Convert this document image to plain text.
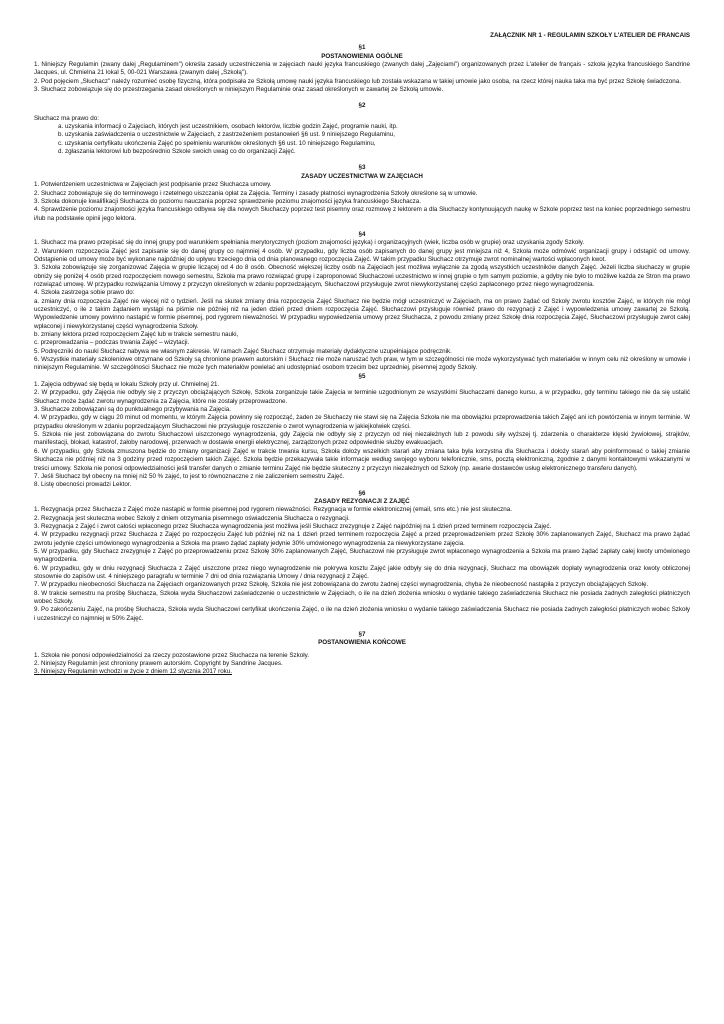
ZAŁĄCZNIK NR 1 - REGULAMIN SZKOŁY L'ATELIER DE FRANCAIS
§1
POSTANOWIENIA OGÓLNE

1. Niniejszy Regulamin (zwany dalej „Regulaminem") określa zasady uczestniczenia w zajęciach nauki języka francuskiego (zwanych dalej „Zajęciami") organizowanych przez L'atelier de français - szkoła języka francuskiego Sandrine Jacques, ul. Chmielna 21 lokal 5, 00-021 Warszawa (zwanym dalej „Szkołą").

2. Pod pojęciem „Słuchacz" należy rozumieć osobę fizyczną, która podpisała ze Szkołą umowę nauki języka francuskiego lub została wskazana w takiej umowie jako osoba, na rzecz której nauka taka ma być przez Szkołę świadczona.

3. Słuchacz zobowiązuje się do przestrzegania zasad określonych w niniejszym Regulaminie oraz zasad określonych w zawartej ze Szkołą umowie.

§2

Słuchacz ma prawo do:

a. uzyskania informacji o Zajęciach, których jest uczestnikiem, osobach lektorów, liczbie godzin Zajęć, programie nauki, itp.
b. uzyskania zaświadczenia o uczestnictwie w Zajęciach, z zastrzeżeniem postanowień §6 ust. 9 niniejszego Regulaminu,
c. uzyskania certyfikatu ukończenia Zajęć po spełnieniu warunków określonych §6 ust. 10 niniejszego Regulaminu,
d. zgłaszania lektorowi lub bezpośrednio Szkole swoich uwag co do organizacji Zajęć.
§3
ZASADY UCZESTNICTWA W ZAJĘCIACH

1. Potwierdzeniem uczestnictwa w Zajęciach jest podpisanie przez Słuchacza umowy.

2. Słuchacz zobowiązuje się do terminowego i rzetelnego uiszczania opłat za Zajęcia. Terminy i zasady płatności wynagrodzenia Szkoły określone są w umowie.

3. Szkoła dokonuje kwalifikacji Słuchacza do poziomu nauczania poprzez sprawdzenie poziomu znajomości języka francuskiego Słuchacza.

4. Sprawdzenie poziomu znajomości języka francuskiego odbywa się dla nowych Słuchaczy poprzez test pisemny oraz rozmowę z lektorem a dla Słuchaczy kontynuujących naukę w Szkole poprzez test na koniec poprzedniego semestru i/lub na podstawie opinii jego lektora.

§4

1. Słuchacz ma prawo przepisać się do innej grupy pod warunkiem spełniania merytorycznych (poziom znajomości języka) i organizacyjnych (wiek, liczba osób w grupie) oraz uzyskania zgody Szkoły.

2. Warunkiem rozpoczęcia Zajęć jest zapisanie się do danej grupy co najmniej 4 osób. W przypadku, gdy liczba osób zapisanych do danej grupy jest mniejsza niż 4, Szkoła może odmówić organizacji grupy i odstąpić od umowy. Odstąpienie od umowy może być wykonane najpóźniej do upływu trzeciego dnia od dnia planowanego rozpoczęcia Zajęć. W takim przypadku Słuchacz otrzymuje zwrot nominalnej wartości wpłaconych kwot.

3. Szkoła zobowiązuje się zorganizować Zajęcia w grupie liczącej od 4 do 8 osób. Obecność większej liczby osób na Zajęciach jest możliwa wyłącznie za zgodą wszystkich uczestników danych Zajęć. Jeżeli liczba słuchaczy w grupie obniży się poniżej 4 osób przed rozpoczęciem nowego semestru, Szkoła ma prawo rozwiązać grupę i zaproponować Słuchaczowi uczestnictwo w innej grupie o tym samym poziomie, a gdyby nie było to możliwe każda ze Stron ma prawo rozwiązać umowę. W przypadku rozwiązania Umowy z przyczyn określonych w zdaniu poprzedzającym, Słuchaczowi przysługuje zwrot niewykorzystanej części zapłaconego przez niego wynagrodzenia.

4. Szkoła zastrzega sobie prawo do:

a. zmiany dnia rozpoczęcia Zajęć nie więcej niż o tydzień. Jeśli na skutek zmiany dnia rozpoczęcia Zajęć Słuchacz nie będzie mógł uczestniczyć w Zajęciach, ma on prawo żądać od Szkoły zwrotu kosztów Zajęć, w których nie mógł uczestniczyć, o ile z takim żądaniem wystąpi na piśmie nie później niż na jeden dzień przed dniem rozpoczęcia Zajęć. Słuchaczowi przysługuje również prawo do rezygnacji z Zajęć i wypowiedzenia umowy zawartej ze Szkołą. Wypowiedzenie umowy powinno nastąpić w formie pisemnej, pod rygorem nieważności. W przypadku wypowiedzenia umowy przez Słuchacza, z powodu zmiany przez Szkołę dnia rozpoczęcia Zajęć, Słuchaczowi przysługuje zwrot całej wpłaconej i niewykorzystanej części wynagrodzenia Szkoły.

b. zmiany lektora przed rozpoczęciem Zajęć lub w trakcie semestru nauki,

c. przeprowadzania – podczas trwania Zajęć – wizytacji.

5. Podręczniki do nauki Słuchacz nabywa we własnym zakresie. W ramach Zajęć Słuchacz otrzymuje materiały dydaktyczne uzupełniające podręcznik.

6. Wszystkie materiały szkoleniowe otrzymane od Szkoły są chronione prawem autorskim i Słuchacz nie może naruszać tych praw, w tym w szczególności nie może wykorzystywać tych materiałów w innym celu niż określony w umowie i niniejszym Regulaminie. W szczególności Słuchacz nie może tych materiałów powielać ani udostępniać osobom trzecim bez uprzedniej, pisemnej zgody Szkoły.

§5

1. Zajęcia odbywać się będą w lokalu Szkoły przy ul. Chmielnej 21.

2. W przypadku, gdy Zajęcia nie odbyły się z przyczyn obciążających Szkołę, Szkoła zorganizuje takie Zajęcia w terminie uzgodnionym ze wszystkimi Słuchaczami danego kursu, a w przypadku, gdy terminu takiego nie da się ustalić Słuchacz może żądać zwrotu wynagrodzenia za Zajęcia, które nie zostały przeprowadzone.

3. Słuchacze zobowiązani są do punktualnego przybywania na Zajęcia.

4. W przypadku, gdy w ciągu 20 minut od momentu, w którym Zajęcia powinny się rozpocząć, żaden ze Słuchaczy nie stawi się na Zajęcia Szkoła nie ma obowiązku przeprowadzenia takich Zajęć ani ich powtórzenia w innym terminie. W przypadku określonym w zdaniu poprzedzającym Słuchaczowi nie przysługuje roszczenie o zwrot wynagrodzenia w jakiejkolwiek części.

5. Szkoła nie jest zobowiązana do zwrotu Słuchaczowi uiszczonego wynagrodzenia, gdy Zajęcia nie odbyły się z przyczyn od niej niezależnych lub z powodu siły wyższej tj. zdarzenia o charakterze klęski żywiołowej, strajków, manifestacji, blokad, katastrof, żałoby narodowej, przerwach w dostawie energii elektrycznej, zarządzonych przez odpowiednie służby ewakuacjach.

6. W przypadku, gdy Szkoła zmuszona będzie do zmiany organizacji Zajęć w trakcie trwania kursu, Szkoła dołoży wszelkich starań aby zmiana taka była korzystna dla Słuchacza i dołoży starań aby poinformować o takiej zmianie Słuchacza nie później niż na 3 godziny przed rozpoczęciem takich Zajęć. Szkoła będzie przekazywała takie informacje według swojego wyboru telefonicznie, sms, pocztą elektroniczną, zgodnie z danymi kontaktowymi wskazanymi w treści umowy. Szkoła nie ponosi odpowiedzialności jeśli transfer danych o zmianie terminu Zajęć nie będzie skuteczny z przyczyn niezależnych od Szkoły (np. awarie dostawców usług elektronicznego transferu danych).

7. Jeśli Słuchacz był obecny na mniej niż 50 % zajęć, to jest to równoznaczne z nie zaliczeniem semestru Zajęć.

8. Listę obecności prowadzi Lektor.

§6
ZASADY REZYGNACJI Z ZAJĘĆ

1. Rezygnacja przez Słuchacza z Zajęć może nastąpić w formie pisemnej pod rygorem nieważności. Rezygnacja w formie elektronicznej (email, sms etc.) nie jest skuteczna.

2. Rezygnacja jest skuteczna wobec Szkoły z dniem otrzymania pisemnego oświadczenia Słuchacza o rezygnacji.

3. Rezygnacja z Zajęć i zwrot całości wpłaconego przez Słuchacza wynagrodzenia jest możliwa jeśli Słuchacz zrezygnuje z Zajęć najpóźniej na 1 dzień przed terminem rozpoczęcia Zajęć.

4. W przypadku rezygnacji przez Słuchacza z Zajęć po rozpoczęciu Zajęć lub później niż na 1 dzień przed terminem rozpoczęcia Zajęć a przed przeprowadzeniem przez Szkołę 30% zaplanowanych Zajęć, Słuchacz ma prawo żądać zwrotu jedynie części umówionego wynagrodzenia a Szkoła ma prawo żądać zapłaty jedynie 30% umówionego wynagrodzenia za niewykorzystane zajęcia.

5. W przypadku, gdy Słuchacz zrezygnuje z Zajęć po przeprowadzeniu przez Szkołę 30% zaplanowanych Zajęć, Słuchaczowi nie przysługuje zwrot wpłaconego wynagrodzenia a Szkoła ma prawo żądać zapłaty całej kwoty umówionego wynagrodzenia.

6. W przypadku, gdy w dniu rezygnacji Słuchacza z Zajęć uiszczone przez niego wynagrodzenie nie pokrywa kosztu Zajęć jakie odbyły się do dnia rezygnacji, Słuchacz ma obowiązek dopłaty wynagrodzenia oraz kwoty obliczonej stosownie do zapisów ust. 4 niniejszego paragrafu w terminie 7 dni od dnia rozwiązania Umowy / dnia rezygnacji z Zajęć.

7. W przypadku nieobecności Słuchacza na Zajęciach organizowanych przez Szkołę, Szkoła nie jest zobowiązana do zwrotu żadnej części wynagrodzenia, chyba że nieobecność nastąpiła z przyczyn obciążających Szkołę.

8. W trakcie semestru na prośbę Słuchacza, Szkoła wyda Słuchaczowi zaświadczenie o uczestnictwie w Zajęciach, o ile na dzień złożenia wniosku o wydanie takiego zaświadczenia Słuchacz nie posiada żadnych zaległości płatniczych wobec Szkoły.

9. Po zakończeniu Zajęć, na prośbę Słuchacza, Szkoła wyda Słuchaczowi certyfikat ukończenia Zajęć, o ile na dzień złożenia wniosku o wydanie takiego zaświadczenia Słuchacz nie posiada żadnych zaległości płatniczych wobec Szkoły i uczestniczył co najmniej w 50% Zajęć.

§7
POSTANOWIENIA KOŃCOWE

1. Szkoła nie ponosi odpowiedzialności za rzeczy pozostawione przez Słuchacza na terenie Szkoły.

2. Niniejszy Regulamin jest chroniony prawem autorskim. Copyright by Sandrine Jacques.

3. Niniejszy Regulamin wchodzi w życie z dniem 12 stycznia 2017 roku.
